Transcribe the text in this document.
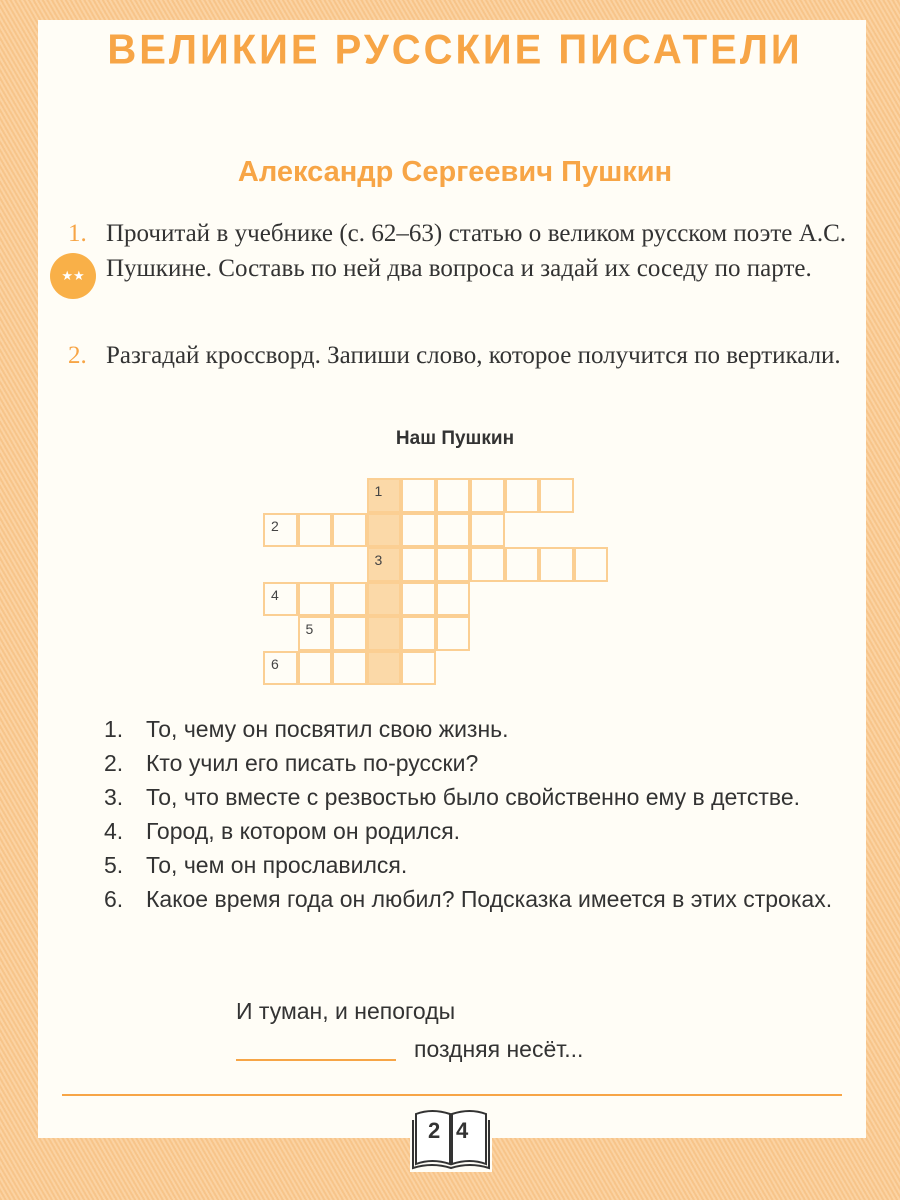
ВЕЛИКИЕ РУССКИЕ ПИСАТЕЛИ
Александр Сергеевич Пушкин
1. Прочитай в учебнике (с. 62–63) статью о великом русском поэте А.С. Пушкине. Составь по ней два вопроса и задай их соседу по парте.
★★
2. Разгадай кроссворд. Запиши слово, которое получится по вертикали.
Наш Пушкин
1
2
3
4
5
6
1. То, чему он посвятил свою жизнь.
2. Кто учил его писать по-русски?
3. То, что вместе с резвостью было свойственно ему в детстве.
4. Город, в котором он родился.
5. То, чем он прославился.
6. Какое время года он любил? Подсказка имеется в этих строках.
И туман, и непогоды
поздняя несёт...
2 4
